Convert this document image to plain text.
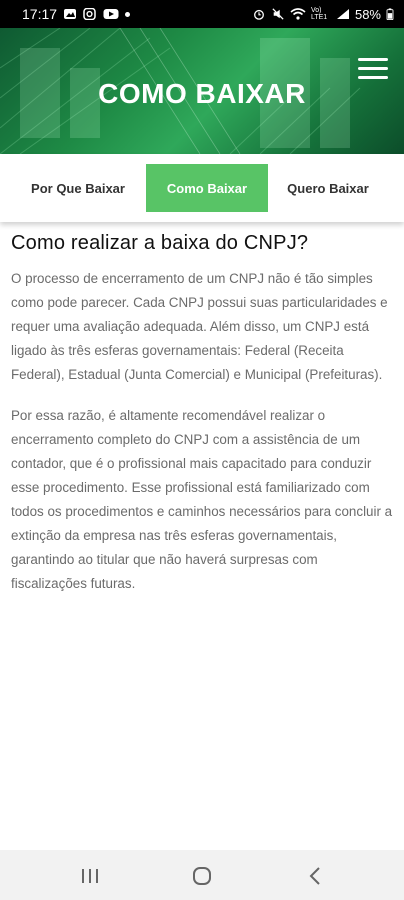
17:17	Vo) LTE1 58%
COMO BAIXAR
Por Que Baixar	Como Baixar	Quero Baixar
Como realizar a baixa do CNPJ?

O processo de encerramento de um CNPJ não é tão simples como pode parecer. Cada CNPJ possui suas particularidades e requer uma avaliação adequada. Além disso, um CNPJ está ligado às três esferas governamentais: Federal (Receita Federal), Estadual (Junta Comercial) e Municipal (Prefeituras).

Por essa razão, é altamente recomendável realizar o encerramento completo do CNPJ com a assistência de um contador, que é o profissional mais capacitado para conduzir esse procedimento. Esse profissional está familiarizado com todos os procedimentos e caminhos necessários para concluir a extinção da empresa nas três esferas governamentais, garantindo ao titular que não haverá surpresas com fiscalizações futuras.
